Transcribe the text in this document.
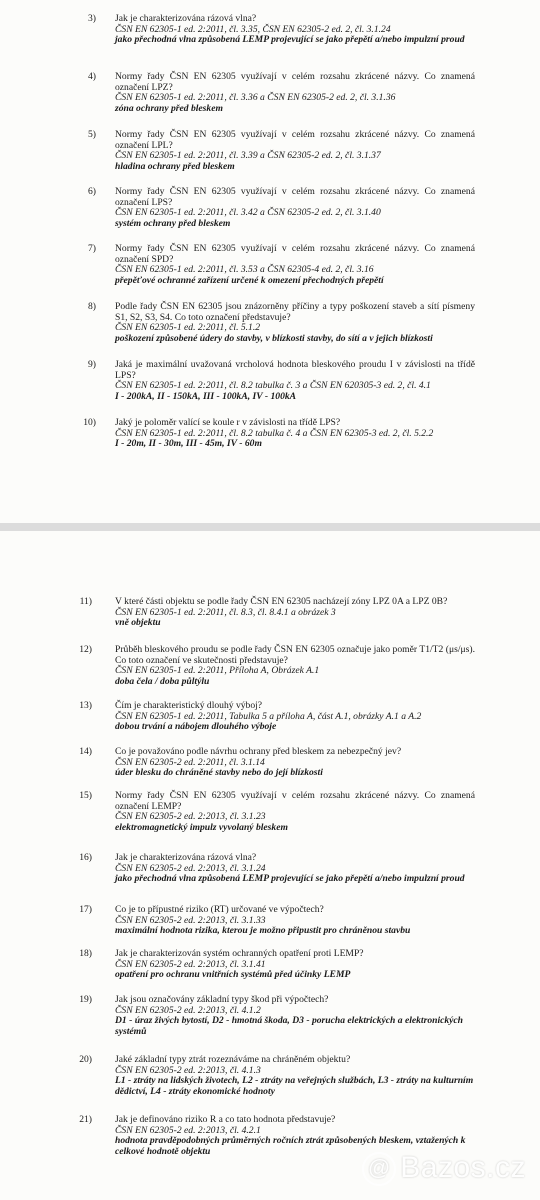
3) Jak je charakterizována rázová vlna?
ČSN EN 62305-1 ed. 2:2011, čl. 3.35, ČSN EN 62305-2 ed. 2, čl. 3.1.24
jako přechodná vlna způsobená LEMP projevující se jako přepětí a/nebo impulzní proud
4) Normy řady ČSN EN 62305 využívají v celém rozsahu zkrácené názvy. Co znamená označení LPZ?
ČSN EN 62305-1 ed. 2:2011, čl. 3.36 a ČSN EN 62305-2 ed. 2, čl. 3.1.36
zóna ochrany před bleskem
5) Normy řady ČSN EN 62305 využívají v celém rozsahu zkrácené názvy. Co znamená označení LPL?
ČSN EN 62305-1 ed. 2:2011, čl. 3.39 a ČSN 62305-2 ed. 2, čl. 3.1.37
hladina ochrany před bleskem
6) Normy řady ČSN EN 62305 využívají v celém rozsahu zkrácené názvy. Co znamená označení LPS?
ČSN EN 62305-1 ed. 2:2011, čl. 3.42 a ČSN 62305-2 ed. 2, čl. 3.1.40
systém ochrany před bleskem
7) Normy řady ČSN EN 62305 využívají v celém rozsahu zkrácené názvy. Co znamená označení SPD?
ČSN EN 62305-1 ed. 2:2011, čl. 3.53 a ČSN 62305-4 ed. 2, čl. 3.16
přepěťové ochranné zařízení určené k omezení přechodných přepětí
8) Podle řady ČSN EN 62305 jsou znázorněny příčiny a typy poškození staveb a sítí písmeny S1, S2, S3, S4. Co toto označení představuje?
ČSN EN 62305-1 ed. 2:2011, čl. 5.1.2
poškození způsobené údery do stavby, v blízkosti stavby, do sítí a v jejich blízkosti
9) Jaká je maximální uvažovaná vrcholová hodnota bleskového proudu I v závislosti na třídě LPS?
ČSN EN 62305-1 ed. 2:2011, čl. 8.2 tabulka č. 3 a ČSN EN 620305-3 ed. 2, čl. 4.1
I - 200kA, II - 150kA, III - 100kA, IV - 100kA
10) Jaký je poloměr valící se koule r v závislosti na třídě LPS?
ČSN EN 62305-1 ed. 2:2011, čl. 8.2 tabulka č. 4 a ČSN EN 62305-3 ed. 2, čl. 5.2.2
I - 20m, II - 30m, III - 45m, IV - 60m
11) V které části objektu se podle řady ČSN EN 62305 nacházejí zóny LPZ 0A a LPZ 0B?
ČSN EN 62305-1 ed. 2:2011, čl. 8.3, čl. 8.4.1 a obrázek 3
vně objektu
12) Průběh bleskového proudu se podle řady ČSN EN 62305 označuje jako poměr T1/T2 (μs/μs). Co toto označení ve skutečnosti představuje?
ČSN EN 62305-1 ed. 2:2011, Příloha A, Obrázek A.1
doba čela / doba půltýlu
13) Čím je charakteristický dlouhý výboj?
ČSN EN 62305-1 ed. 2:2011, Tabulka 5 a příloha A, část A.1, obrázky A.1 a A.2
dobou trvání a nábojem dlouhého výboje
14) Co je považováno podle návrhu ochrany před bleskem za nebezpečný jev?
ČSN EN 62305-2 ed. 2:2011, čl. 3.1.14
úder blesku do chráněné stavby nebo do její blízkosti
15) Normy řady ČSN EN 62305 využívají v celém rozsahu zkrácené názvy. Co znamená označení LEMP?
ČSN EN 62305-2 ed. 2:2013, čl. 3.1.23
elektromagnetický impulz vyvolaný bleskem
16) Jak je charakterizována rázová vlna?
ČSN EN 62305-2 ed. 2:2013, čl. 3.1.24
jako přechodná vlna způsobená LEMP projevující se jako přepětí a/nebo impulzní proud
17) Co je to přípustné riziko (RT) určované ve výpočtech?
ČSN EN 62305-2 ed. 2:2013, čl. 3.1.33
maximální hodnota rizika, kterou je možno připustit pro chráněnou stavbu
18) Jak je charakterizován systém ochranných opatření proti LEMP?
ČSN EN 62305-2 ed. 2:2013, čl. 3.1.41
opatření pro ochranu vnitřních systémů před účinky LEMP
19) Jak jsou označovány základní typy škod při výpočtech?
ČSN EN 62305-2 ed. 2:2013, čl. 4.1.2
D1 - úraz živých bytostí, D2 - hmotná škoda, D3 - porucha elektrických a elektronických systémů
20) Jaké základní typy ztrát rozeznáváme na chráněném objektu?
ČSN EN 62305-2 ed. 2:2013, čl. 4.1.3
L1 - ztráty na lidských životech, L2 - ztráty na veřejných službách, L3 - ztráty na kulturním dědictví, L4 - ztráty ekonomické hodnoty
21) Jak je definováno riziko R a co tato hodnota představuje?
ČSN EN 62305-2 ed. 2:2013, čl. 4.2.1
hodnota pravděpodobných průměrných ročních ztrát způsobených bleskem, vztažených k celkové hodnotě objektu
@ Bazos.cz
